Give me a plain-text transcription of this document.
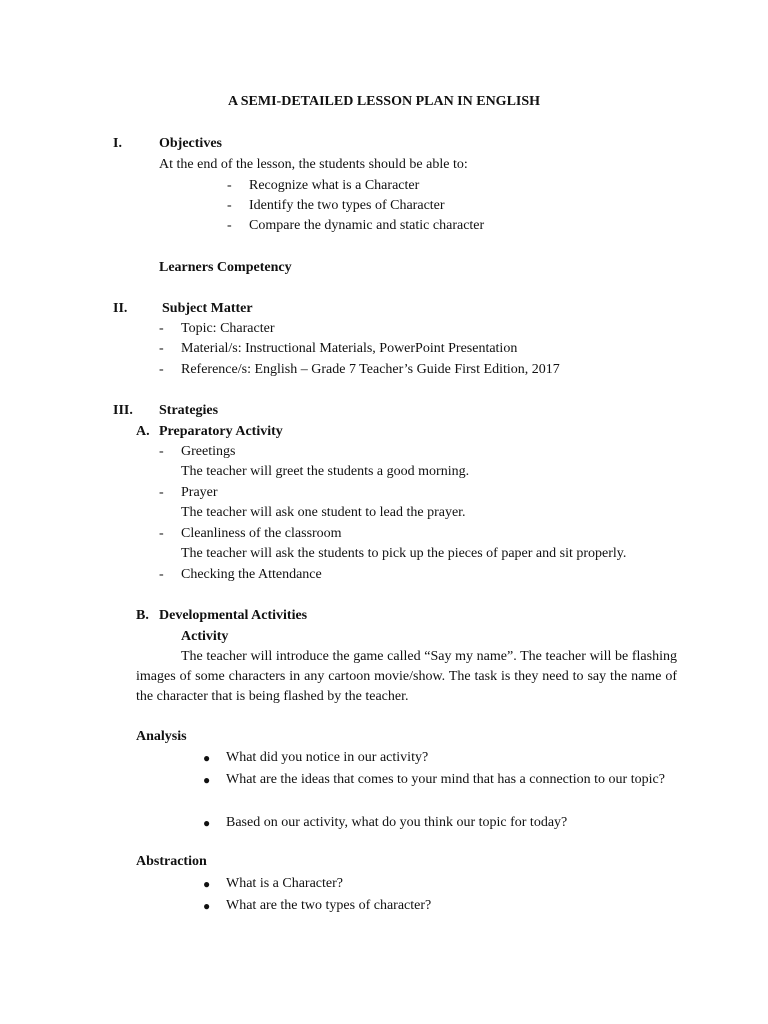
A SEMI-DETAILED LESSON PLAN IN ENGLISH
I.	Objectives
At the end of the lesson, the students should be able to:
- Recognize what is a Character
- Identify the two types of Character
- Compare the dynamic and static character
Learners Competency
II. Subject Matter
- Topic: Character
- Material/s: Instructional Materials, PowerPoint Presentation
- Reference/s: English – Grade 7 Teacher’s Guide First Edition, 2017
III. Strategies
A. Preparatory Activity
- Greetings
The teacher will greet the students a good morning.
- Prayer
The teacher will ask one student to lead the prayer.
- Cleanliness of the classroom
The teacher will ask the students to pick up the pieces of paper and sit properly.
- Checking the Attendance
B. Developmental Activities
Activity
The teacher will introduce the game called “Say my name”. The teacher will be flashing images of some characters in any cartoon movie/show. The task is they need to say the name of the character that is being flashed by the teacher.
Analysis
● What did you notice in our activity?
● What are the ideas that comes to your mind that has a connection to our topic?
● Based on our activity, what do you think our topic for today?
Abstraction
● What is a Character?
● What are the two types of character?
